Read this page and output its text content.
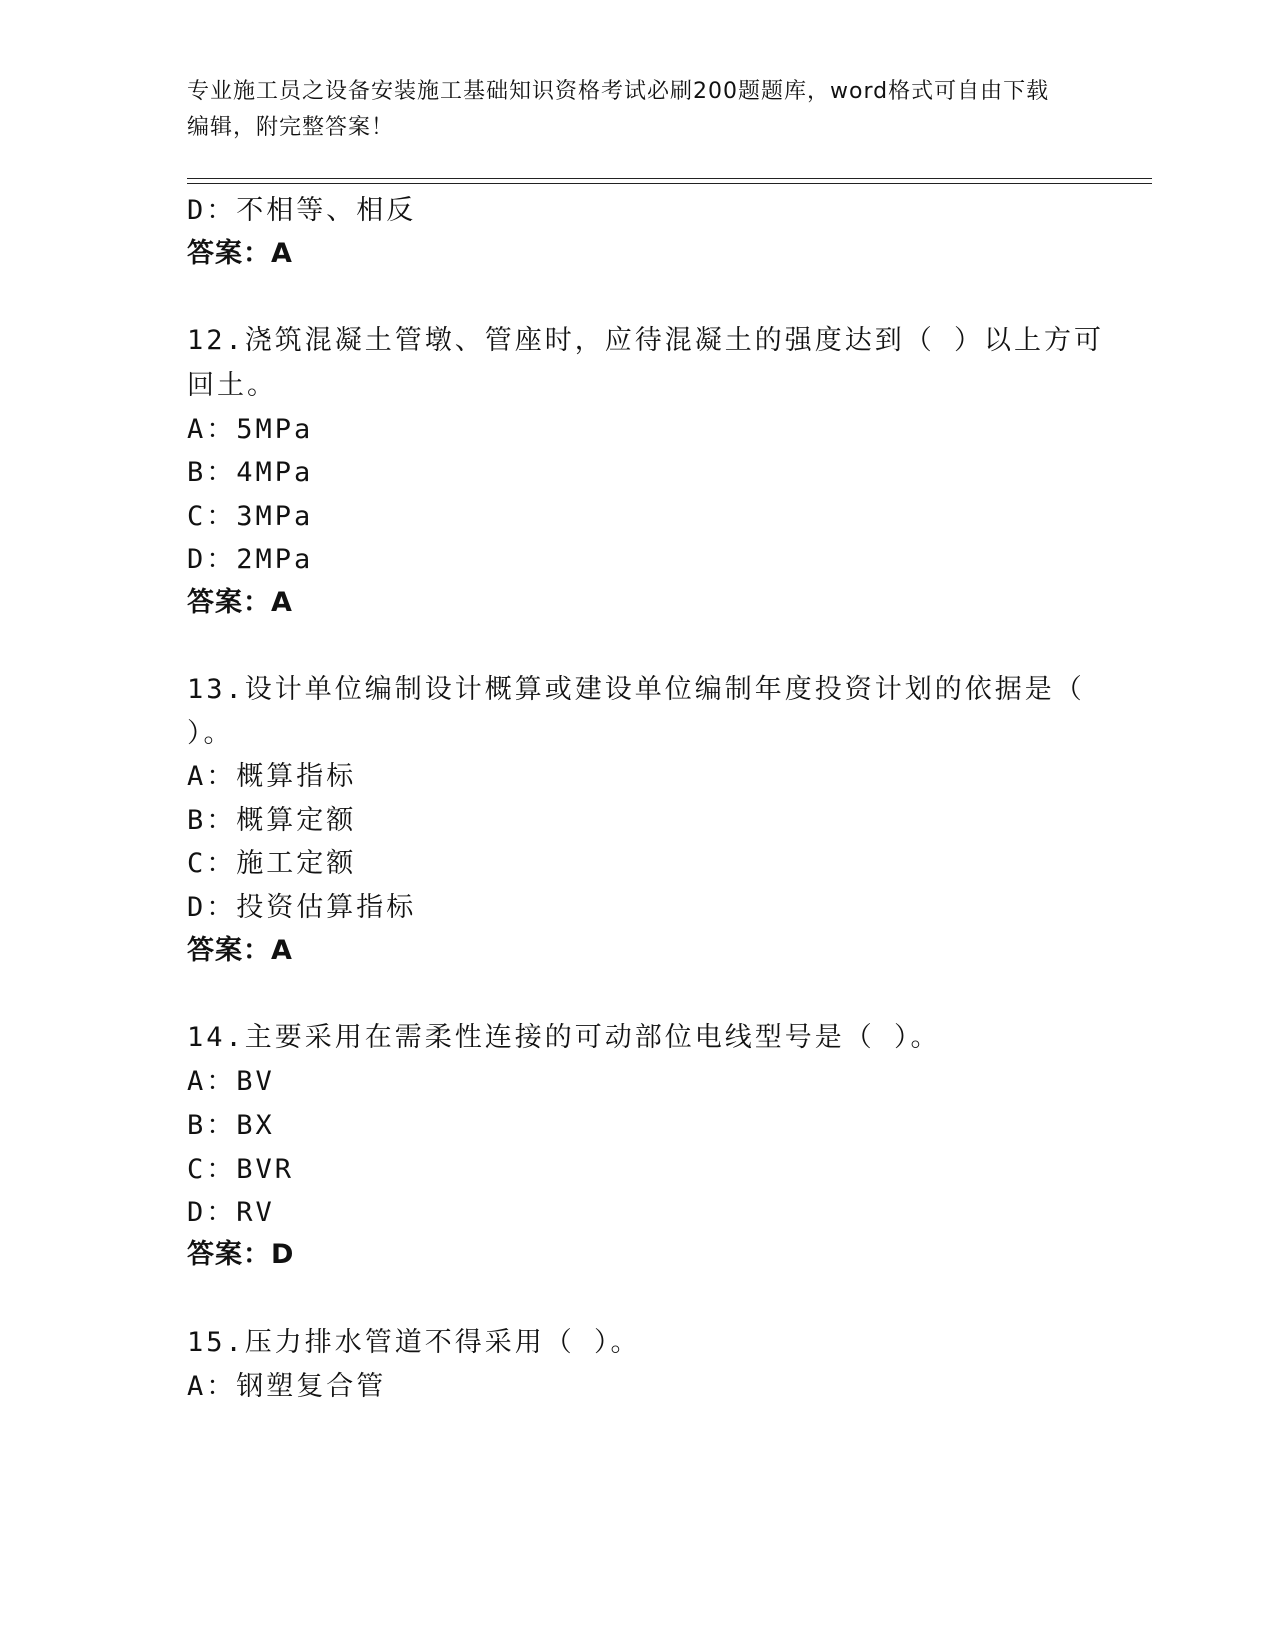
专业施工员之设备安装施工基础知识资格考试必刷200题题库，word格式可自由下载编辑，附完整答案！
D：不相等、相反
答案：A
12.浇筑混凝土管墩、管座时，应待混凝土的强度达到（ ）以上方可
回土。
A：5MPa
B：4MPa
C：3MPa
D：2MPa
答案：A
13.设计单位编制设计概算或建设单位编制年度投资计划的依据是（
）。
A：概算指标
B：概算定额
C：施工定额
D：投资估算指标
答案：A
14.主要采用在需柔性连接的可动部位电线型号是（ ）。
A：BV
B：BX
C：BVR
D：RV
答案：D
15.压力排水管道不得采用（ ）。
A：钢塑复合管
